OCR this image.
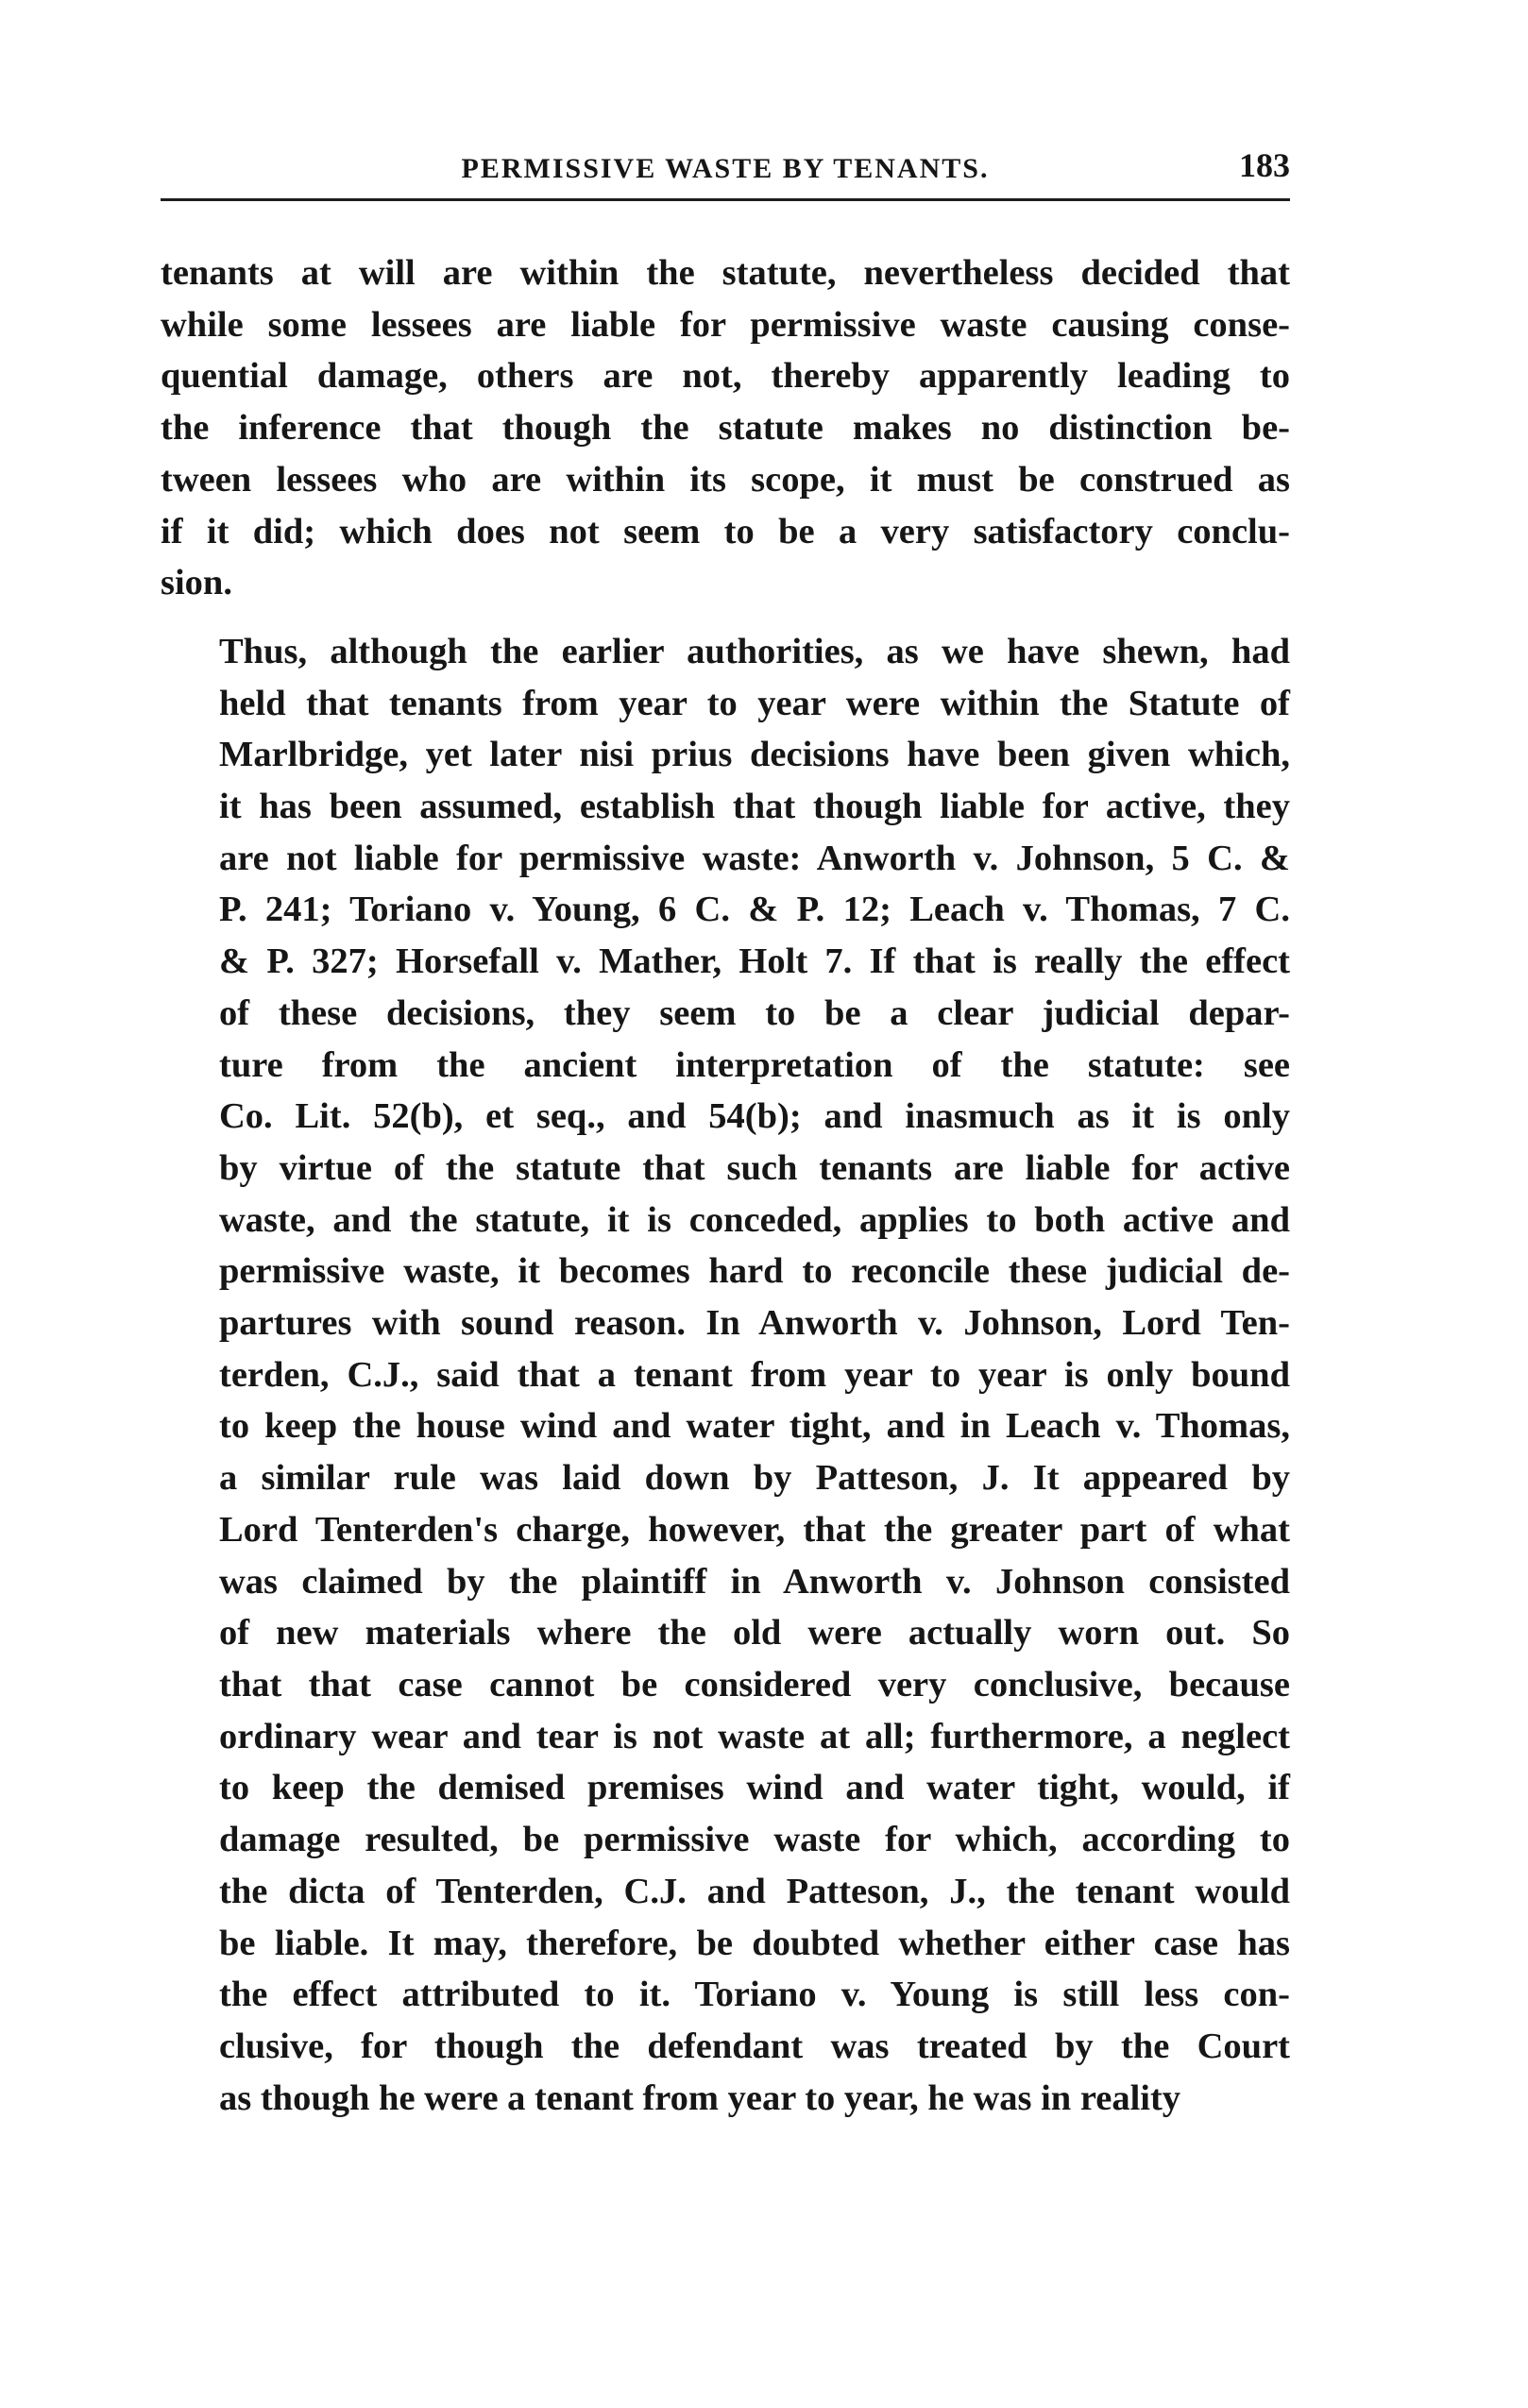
PERMISSIVE WASTE BY TENANTS.	183

tenants at will are within the statute, nevertheless decided that
while some lessees are liable for permissive waste causing conse-
quential damage, others are not, thereby apparently leading to
the inference that though the statute makes no distinction be-
tween lessees who are within its scope, it must be construed as
if it did; which does not seem to be a very satisfactory conclu-
sion.

Thus, although the earlier authorities, as we have shewn, had
held that tenants from year to year were within the Statute of
Marlbridge, yet later nisi prius decisions have been given which,
it has been assumed, establish that though liable for active, they
are not liable for permissive waste: Anworth v. Johnson, 5 C. &
P. 241; Toriano v. Young, 6 C. & P. 12; Leach v. Thomas, 7 C.
& P. 327; Horsefall v. Mather, Holt 7. If that is really the effect
of these decisions, they seem to be a clear judicial depar-
ture from the ancient interpretation of the statute: see
Co. Lit. 52(b), et seq., and 54(b); and inasmuch as it is only
by virtue of the statute that such tenants are liable for active
waste, and the statute, it is conceded, applies to both active and
permissive waste, it becomes hard to reconcile these judicial de-
partures with sound reason. In Anworth v. Johnson, Lord Ten-
terden, C.J., said that a tenant from year to year is only bound
to keep the house wind and water tight, and in Leach v. Thomas,
a similar rule was laid down by Patteson, J. It appeared by
Lord Tenterden's charge, however, that the greater part of what
was claimed by the plaintiff in Anworth v. Johnson consisted
of new materials where the old were actually worn out. So
that that case cannot be considered very conclusive, because
ordinary wear and tear is not waste at all; furthermore, a neglect
to keep the demised premises wind and water tight, would, if
damage resulted, be permissive waste for which, according to
the dicta of Tenterden, C.J. and Patteson, J., the tenant would
be liable. It may, therefore, be doubted whether either case has
the effect attributed to it. Toriano v. Young is still less con-
clusive, for though the defendant was treated by the Court
as though he were a tenant from year to year, he was in reality
